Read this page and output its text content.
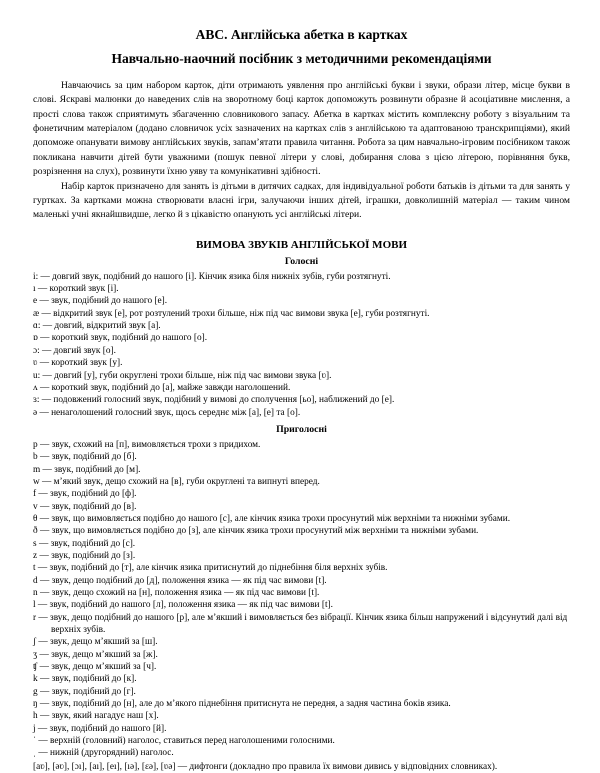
АВС. Англійська абетка в картках
Навчально-наочний посібник з методичними рекомендаціями
Навчаючись за цим набором карток, діти отримають уявлення про англійські букви і звуки, образи літер, місце букви в слові. Яскраві малюнки до наведених слів на зворотному боці карток допоможуть розвинути образне й асоціативне мислення, а прості слова також сприятимуть збагаченню словникового запасу. Абетка в картках містить комплексну роботу з візуальним та фонетичним матеріалом (додано словничок усіх зазначених на картках слів з англійською та адаптованою транскрипціями), який допоможе опанувати вимову англійських звуків, запам’ятати правила читання. Робота за цим навчально-ігровим посібником також покликана навчити дітей бути уважними (пошук певної літери у слові, добирання слова з цією літерою, порівняння букв, розрізнення на слух), розвинути їхню уяву та комунікативні здібності.
Набір карток призначено для занять із дітьми в дитячих садках, для індивідуальної роботи батьків із дітьми та для занять у гуртках. За картками можна створювати власні ігри, залучаючи інших дітей, іграшки, довколишній матеріал — таким чином маленькі учні якнайшвидше, легко й з цікавістю опанують усі англійські літери.
ВИМОВА ЗВУКІВ АНГЛІЙСЬКОЇ МОВИ
Голосні
i: — довгий звук, подібний до нашого [і]. Кінчик язика біля нижніх зубів, губи розтягнуті.
ı — короткий звук [і].
e — звук, подібний до нашого [е].
æ — відкритий звук [е], рот розтулений трохи більше, ніж під час вимови звука [е], губи розтягнуті.
ɑ: — довгий, відкритий звук [а].
ɒ — короткий звук, подібний до нашого [о].
ɔ: — довгий звук [о].
ʋ — короткий звук [у].
u: — довгий [у], губи округлені трохи більше, ніж під час вимови звука [ʋ].
ʌ — короткий звук, подібний до [а], майже завжди наголошений.
ɜ: — подовжений голосний звук, подібний у вимові до сполучення [ьо], наближений до [е].
ə — ненаголошений голосний звук, щось середнє між [а], [е] та [о].
Приголосні
p — звук, схожий на [п], вимовляється трохи з придихом.
b — звук, подібний до [б].
m — звук, подібний до [м].
w — м’який звук, дещо схожий на [в], губи округлені та випнуті вперед.
f — звук, подібний до [ф].
v — звук, подібний до [в].
θ — звук, що вимовляється подібно до нашого [с], але кінчик язика трохи просунутий між верхніми та нижніми зубами.
ð — звук, що вимовляється подібно до [з], але кінчик язика трохи просунутий між верхніми та нижніми зубами.
s — звук, подібний до [с].
z — звук, подібний до [з].
t — звук, подібний до [т], але кінчик язика притиснутий до піднебіння біля верхніх зубів.
d — звук, дещо подібний до [д], положення язика — як під час вимови [t].
n — звук, дещо схожий на [н], положення язика — як під час вимови [t].
l — звук, подібний до нашого [л], положення язика — як під час вимови [t].
r — звук, дещо подібний до нашого [р], але м’якший і вимовляється без вібрації. Кінчик язика більш напружений і відсунутий далі від верхніх зубів.
ʃ — звук, дещо м’якший за [ш].
ʒ — звук, дещо м’якший за [ж].
ʧ — звук, дещо м’якший за [ч].
k — звук, подібний до [к].
g — звук, подібний до [г].
ŋ — звук, подібний до [н], але до м’якого піднебіння притиснута не передня, а задня частина боків язика.
h — звук, який нагадує наш [х].
j — звук, подібний до нашого [й].
ˈ — верхній (головний) наголос, ставиться перед наголошеними голосними.
ˌ — нижній (другорядний) наголос.
[aʋ], [əʋ], [ɔı], [aı], [eı], [ıə], [ɛə], [ʋə] — дифтонги (докладно про правила їх вимови дивись у відповідних словниках).
